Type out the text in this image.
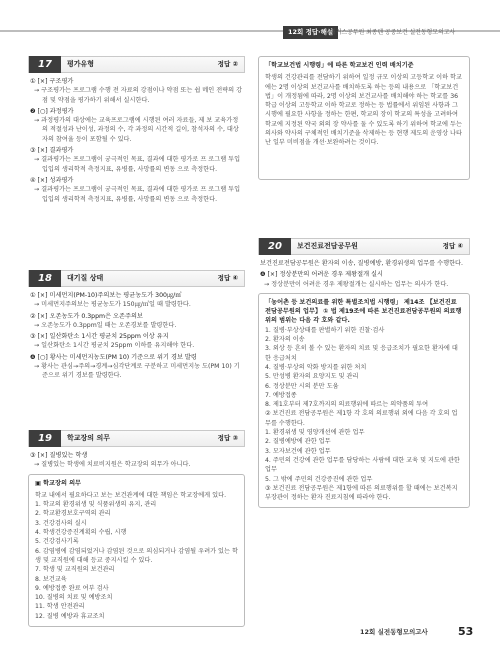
12회 정답·해설
애커스공무원 최종덴 공중보건 실전동형모의고사
17	평가유형	정답 ②
① [×] 구조평가
→ 구조평가는 프로그램 수행 전 자료의 강점이나 약점 또는 쉽 메인 전략의 강점 및 약점을 평가하기 위해서 실시한다.
❷ [○] 과정평가
→ 과정평가의 대상에는 교육프로그램에 시행된 여러 자료들, 제 보 교육가정의 적절성과 난이성, 과정의 수, 각 과정의 시간적 길이, 참석자의 수, 대상자의 참여율 등이 포함될 수 있다.
③ [×] 결과평가
→ 결과평가는 프로그램이 궁극적인 목표, 결과에 대한 평가로 프 로그램 투입입입의 생리학적 측정지표, 유병률, 사망률의 변동 으로 측정한다.
④ [×] 성과평가
→ 결과평가는 프로그램이 궁극적인 목표, 결과에 대한 평가로 프 로그램 투입입입의 생리학적 측정지표, 유병률, 사망률의 변동 으로 측정한다.
18	대기질 상태	정답 ④
① [×] 미세먼지(PM-10)주의보는 평균농도가 300㎍/㎥
→ 미세먼지주의보는 평균농도가 150㎍/㎥일 때 발령한다.
② [×] 오존농도가 0.3ppm은 오존주의보
→ 오존농도가 0.3ppm일 때는 오존경보를 발령한다.
③ [×] 일산화탄소 1시간 평균치 25ppm 이상 유지
→ 일산화탄소 1시간 평균치 25ppm 이하를 유지해야 한다.
❹ [○] 황사는 미세먼지농도(PM 10) 기준으로 위기 경보 발령
→ 황사는 관심→주의→경계→심각단계로 구분하고 미세먼지농 도(PM 10) 기준으로 위기 경보를 발령한다.
19	학교장의 의무	정답 ③
③ [×] 질병있는 학생
→ 질병있는 학생에 치료비지원은 학교장의 의무가 아니다.
▣ 학교장의 의무

학교 내에서 필요하다고 보는 보건관계에 대한 책임은 학교장에게 있다.

1. 학교의 환경위생 및 식품위생의 유지, 관리

2. 학교환경보호구역의 관리

3. 건강검사의 실시

4. 학생건강증진계획의 수립, 시행

5. 건강검사기록

6. 감염병에 감염되었거나 감염된 것으로 의심되거나 감염될 우려가 있는 학생 및 교직원에 대해 등교 중지시킬 수 있다.

7. 학생 및 교직원의 보건관리

8. 보건교육

9. 예방접종 완료 여부 검사

10. 질병의 치료 및 예방조치

11. 학생 안전관리

12. 질병 예방과 휴교조치

「학교보건법 시행령」에 따른 학교보건 인력 배치기준

학생의 건강관리를 전담하기 위하여 일정 규모 이상의 고등학교 이하 학교에는 2명 이상의 보건교사를 배치하도록 하는 등의 내용으로 「학교보건법」이 개정됨에 따라, 2명 이상의 보건교사를 배치해야 하는 학교를 36학급 이상의 고등학교 이하 학교로 정하는 등 법률에서 위임된 사항과 그 시행에 필요한 사항을 정하는 한편, 학교의 장이 학교의 특성을 고려하여 학교에 지정된 약국 외의 장 약사를 둘 수 있도록 하기 위하여 학교에 두는 의사와 약사의 구체적인 배치기준을 삭제하는 등 현행 제도의 운영상 나타난 일부 미비점을 개선·보완하려는 것이다.

20	보건진료전담공무원	정답 ④

보건진료전담공무원은 환자의 이송, 질병예방, 환경위생의 업무를 수행한다.

❹ [×] 정상분만의 어려운 경우 제왕절개 실시
→ 정상분만이 어려운 경우 제왕절개는 실시하는 업무는 의사가 한다.

「농어촌 등 보건의료를 위한 특별조치법 시행령」 제14조 【보건진료 전담공무원의 업무】 ① 법 제19조에 따른 보건진료전담공무원의 의료행위의 범위는 다음 각 호와 같다.

1. 질병·부상상태를 판별하기 위한 진찰·검사

2. 환자의 이송

3. 외상 등 흔히 볼 수 있는 환자의 치료 및 응급조치가 필요한 환자에 대한 응급처치

4. 질병·부상의 악화 방지를 위한 처치

5. 만성병 환자의 요양지도 및 관리

6. 정상분만 시의 분만 도움

7. 예방접종

8. 제1호부터 제7호까지의 의료행위에 따르는 의약품의 투여

② 보건진료 전담공무원은 제1항 각 호의 의료행위 외에 다음 각 호의 업무를 수행한다.

1. 환경위생 및 영양개선에 관한 업무

2. 질병예방에 관한 업무

3. 모자보건에 관한 업무

4. 주민의 건강에 관한 업무를 담당하는 사람에 대한 교육 및 지도에 관한 업무

5. 그 밖에 주민의 건강증진에 관한 업무

③ 보건진료 전담공무원은 제1항에 따른 의료행위를 할 때에는 보건복지부장관이 정하는 환자 진료지침에 따라야 한다.

12회 실전동형모의고사	53
